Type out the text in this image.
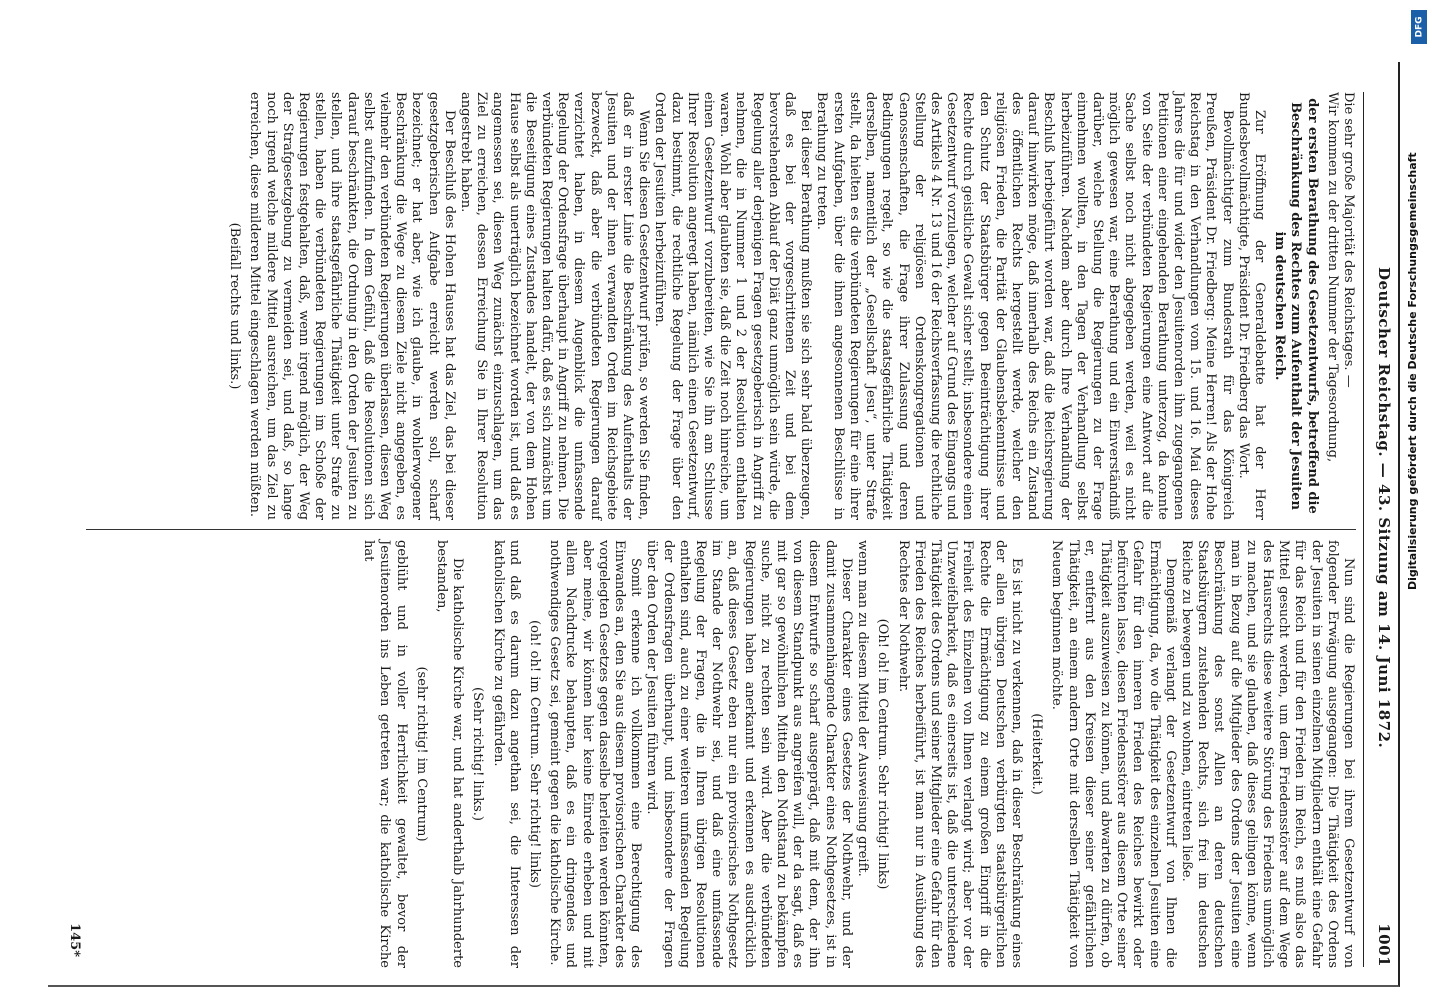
Deutscher Reichstag. — 43. Sitzung am 14. Juni 1872.
1001

Die sehr große Majorität des Reichstages. —

Wir kommen zu der dritten Nummer der Tagesordnung,

der ersten Berathung des Gesetzentwurfs, betreffend die Beschränkung des Rechtes zum Aufenthalt der Jesuiten im deutschen Reich.

Zur Eröffnung der Generaldebatte hat der Herr Bundesbevollmächtigte, Präsident Dr. Friedberg das Wort.

Bevollmächtigter zum Bundesrath für das Königreich Preußen, Präsident Dr. Friedberg: Meine Herren! Als der Hohe Reichstag in den Verhandlungen vom 15. und 16. Mai dieses Jahres die für und wider den Jesuitenorden ihm zugegangenen Petitionen einer eingehenden Berathung unterzog, da konnte von Seite der verbündeten Regierungen eine Antwort auf die Sache selbst noch nicht abgegeben werden, weil es nicht möglich gewesen war, eine Berathung und ein Einverständniß darüber, welche Stellung die Regierungen zu der Frage einnehmen wollten, in den Tagen der Verhandlung selbst herbeizuführen. Nachdem aber durch Ihre Verhandlung der Beschluß herbeigeführt worden war, daß die Reichsregierung darauf hinwirken möge, daß innerhalb des Reichs ein Zustand des öffentlichen Rechts hergestellt werde, welcher den religiösen Frieden, die Parität der Glaubensbekenntnisse und den Schutz der Staatsbürger gegen Beeinträchtigung ihrer Rechte durch geistliche Gewalt sicher stellt; insbesondere einen Gesetzentwurf vorzulegen, welcher auf Grund des Eingangs und des Artikels 4 Nr. 13 und 16 der Reichsverfassung die rechtliche Stellung der religiösen Ordenskongregationen und Genossenschaften, die Frage ihrer Zulassung und deren Bedingungen regelt, so wie die staatsgefährliche Thätigkeit derselben, namentlich der „Gesellschaft Jesu“, unter Strafe stellt, da hielten es die verbündeten Regierungen für eine ihrer ersten Aufgaben, über die ihnen angesonnenen Beschlüsse in Berathung zu treten.

Bei dieser Berathung mußten sie sich sehr bald überzeugen, daß es bei der vorgeschrittenen Zeit und bei dem bevorstehenden Ablauf der Diät ganz unmöglich sein würde, die Regelung aller derjenigen Fragen gesetzgeberisch in Angriff zu nehmen, die in Nummer 1 und 2 der Resolution enthalten waren. Wohl aber glaubten sie, daß die Zeit noch hinreiche, um einen Gesetzentwurf vorzubereiten, wie Sie ihn am Schlusse Ihrer Resolution angeregt haben, nämlich einen Gesetzentwurf, dazu bestimmt, die rechtliche Regelung der Frage über den Orden der Jesuiten herbeizuführen.

Wenn Sie diesen Gesetzentwurf prüfen, so werden Sie finden, daß er in erster Linie die Beschränkung des Aufenthalts der Jesuiten und der ihnen verwandten Orden im Reichsgebiete bezweckt, daß aber die verbündeten Regierungen darauf verzichtet haben, in diesem Augenblick die umfassende Regelung der Ordensfrage überhaupt in Angriff zu nehmen. Die verbündeten Regierungen halten dafür, daß es sich zunächst um die Beseitigung eines Zustandes handelt, der von dem Hohen Hause selbst als unerträglich bezeichnet worden ist, und daß es angemessen sei, diesen Weg zunächst einzuschlagen, um das Ziel zu erreichen, dessen Erreichung Sie in Ihrer Resolution angestrebt haben.

Der Beschluß des Hohen Hauses hat das Ziel, das bei dieser gesetzgeberischen Aufgabe erreicht werden soll, scharf bezeichnet; er hat aber, wie ich glaube, in wohlerwogener Beschränkung die Wege zu diesem Ziele nicht angegeben, es vielmehr den verbündeten Regierungen überlassen, diesen Weg selbst aufzufinden. In dem Gefühl, daß die Resolutionen sich darauf beschränkten, die Ordnung in den Orden der Jesuiten zu stellen, und ihre staatsgefährliche Thätigkeit unter Strafe zu stellen, haben die verbündeten Regierungen im Schoße der Regierungen festgehalten, daß, wenn irgend möglich, der Weg der Strafgesetzgebung zu vermeiden sei, und daß, so lange noch irgend welche mildere Mittel ausreichen, um das Ziel zu erreichen, diese milderen Mittel eingeschlagen werden müßten.

(Beifall rechts und links.)

Nun sind die Regierungen bei ihrem Gesetzentwurf von folgender Erwägung ausgegangen: Die Thätigkeit des Ordens der Jesuiten in seinen einzelnen Mitgliedern enthält eine Gefahr für das Reich und für den Frieden im Reich, es muß also das Mittel gesucht werden, um dem Friedensstörer auf dem Wege des Hausrechts diese weitere Störung des Friedens unmöglich zu machen, und sie glauben, daß dieses gelingen könne, wenn man in Bezug auf die Mitglieder des Ordens der Jesuiten eine Beschränkung des sonst Allen an deren deutschen Staatsbürgern zustehenden Rechts, sich frei im deutschen Reiche zu bewegen und zu wohnen, eintreten ließe.

Demgemäß verlangt der Gesetzentwurf von Ihnen die Ermächtigung, da, wo die Thätigkeit des einzelnen Jesuiten eine Gefahr für den inneren Frieden des Reiches bewirkt oder befürchten lasse, diesen Friedensstörer aus diesem Orte seiner Thätigkeit auszuweisen zu können, und abwarten zu dürfen, ob er, entfernt aus den Kreisen dieser seiner gefährlichen Thätigkeit, an einem andern Orte mit derselben Thätigkeit von Neuem beginnen möchte.

(Heiterkeit.)

Es ist nicht zu verkennen, daß in dieser Beschränkung eines der allen übrigen Deutschen verbürgten staatsbürgerlichen Rechte die Ermächtigung zu einem großen Eingriff in die Freiheit des Einzelnen von Ihnen verlangt wird; aber vor der Unzweifelbarkeit, daß es einerseits ist, daß die unterschiedene Thätigkeit des Ordens und seiner Mitglieder eine Gefahr für den Frieden des Reiches herbeiführt, ist man nur in Ausübung des Rechtes der Nothwehr.

(Oh! oh! im Centrum. Sehr richtig! links)

wenn man zu diesem Mittel der Ausweisung greift.

Dieser Charakter eines Gesetzes der Nothwehr, und der damit zusammenhängende Charakter eines Nothgesetzes, ist in diesem Entwurfe so scharf ausgeprägt, daß mit dem, der ihn von diesem Standpunkt aus angreifen will, der da sagt, daß es mit gar so gewöhnlichen Mitteln den Nothstand zu bekämpfen suche, nicht zu rechten sein wird. Aber die verbündeten Regierungen haben anerkannt und erkennen es ausdrücklich an, daß dieses Gesetz eben nur ein provisorisches Nothgesetz im Stande der Nothwehr sei, und daß eine umfassende Regelung der Fragen, die in Ihren übrigen Resolutionen enthalten sind, auch zu einer weiteren umfassenden Regelung der Ordensfragen überhaupt, und insbesondere der Fragen über den Orden der Jesuiten führen wird.

Somit erkenne ich vollkommen eine Berechtigung des Einwandes an, den Sie aus diesem provisorischen Charakter des vorgelegten Gesetzes gegen dasselbe herleiten werden könnten, aber meine, wir können hier keine Einrede erheben und mit allem Nachdrucke behaupten, daß es ein dringendes und nothwendiges Gesetz sei, gemeint gegen die katholische Kirche.

(oh! oh! im Centrum. Sehr richtig! links)

und daß es darum dazu angethan sei, die Interessen der katholischen Kirche zu gefährden.

(Sehr richtig! links.)

Die katholische Kirche war, und hat anderthalb Jahrhunderte bestanden,

(sehr richtig! im Centrum)

geblüht und in voller Herrlichkeit gewaltet, bevor der Jesuitenorden ins Leben getreten war; die katholische Kirche hat

145*
DFG
Digitalisierung gefördert durch die Deutsche Forschungsgemeinschaft
